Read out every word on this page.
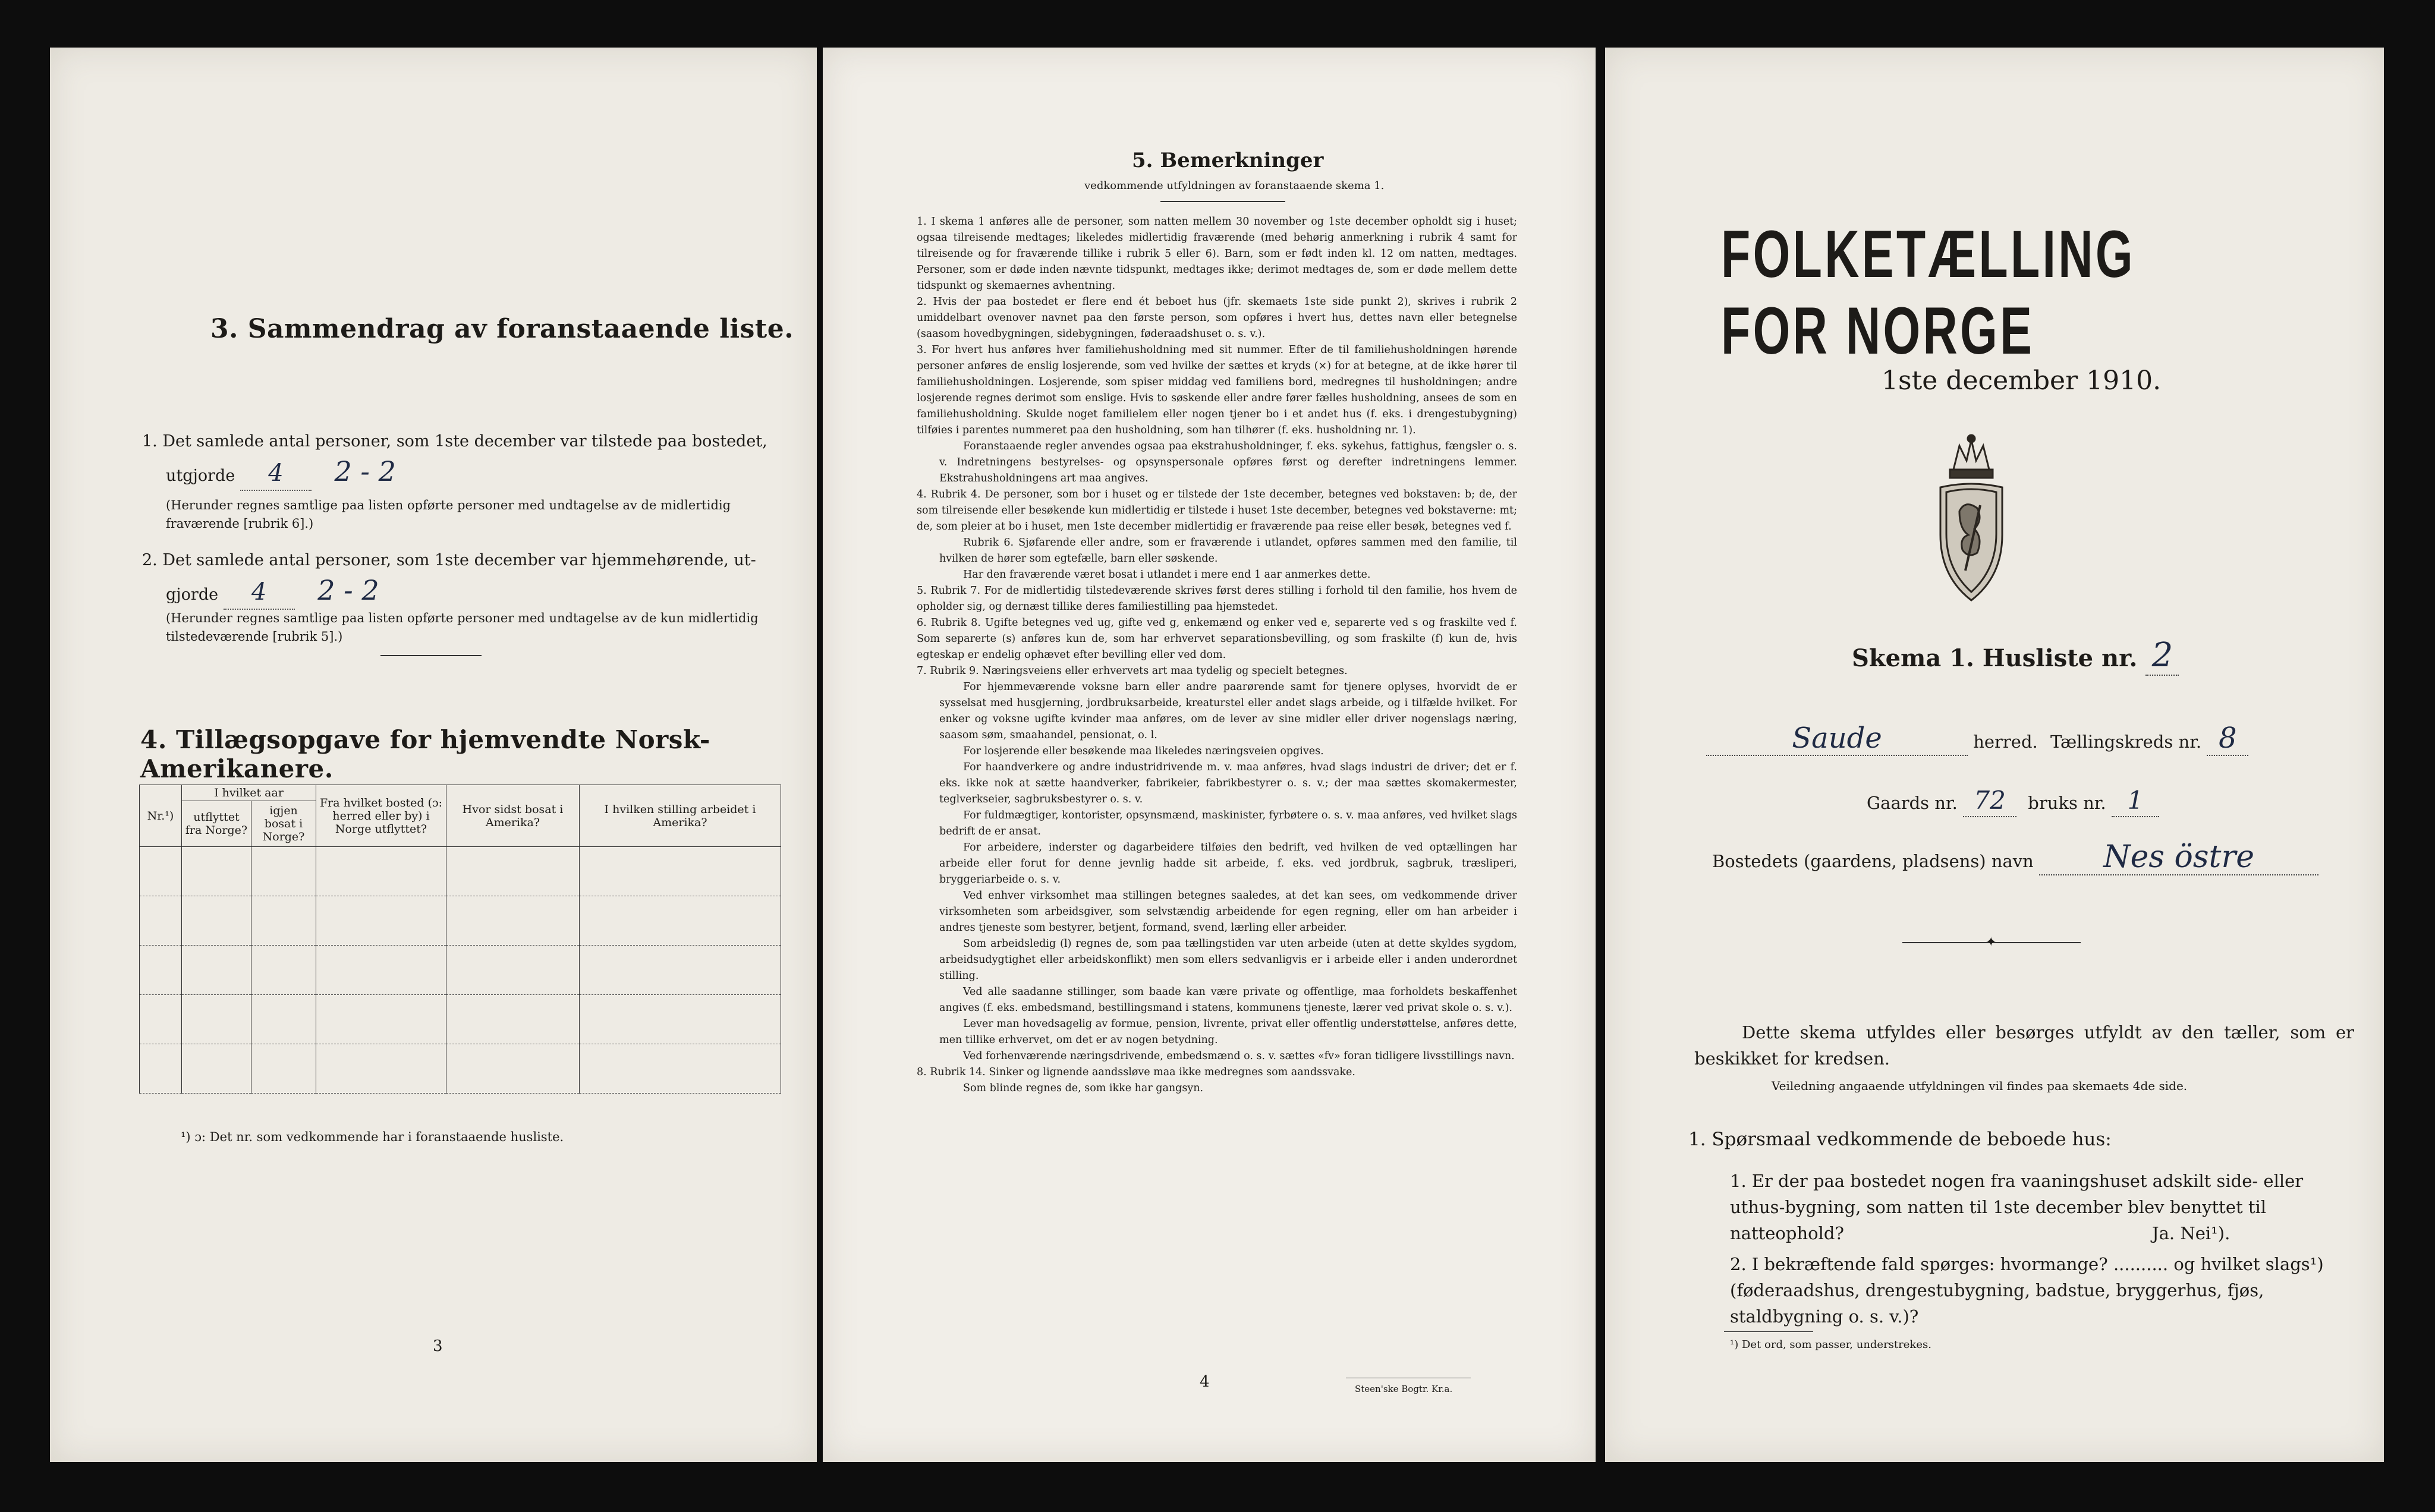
3. Sammendrag av foranstaaende liste.
1. Det samlede antal personer, som 1ste december var tilstede paa bostedet,
utgjorde 4 2 - 2
(Herunder regnes samtlige paa listen opførte personer med undtagelse av de midlertidig fraværende [rubrik 6].)
2. Det samlede antal personer, som 1ste december var hjemmehørende, ut-
gjorde 4 2 - 2
(Herunder regnes samtlige paa listen opførte personer med undtagelse av de kun midlertidig tilstedeværende [rubrik 5].)
4. Tillægsopgave for hjemvendte Norsk-Amerikanere.
Nr.¹)	I hvilket aar		Fra hvilket bosted (ɔ: herred eller by) i Norge utflyttet?	Hvor sidst bosat i Amerika?	I hvilken stilling arbeidet i Amerika?
	utflyttet fra Norge?	igjen bosat i Norge?			

¹) ɔ: Det nr. som vedkommende har i foranstaaende husliste.
3
5. Bemerkninger
vedkommende utfyldningen av foranstaaende skema 1.

1. I skema 1 anføres alle de personer, som natten mellem 30 november og 1ste december opholdt sig i huset; ogsaa tilreisende medtages; likeledes midlertidig fraværende (med behørig anmerkning i rubrik 4 samt for tilreisende og for fraværende tillike i rubrik 5 eller 6). Barn, som er født inden kl. 12 om natten, medtages. Personer, som er døde inden nævnte tidspunkt, medtages ikke; derimot medtages de, som er døde mellem dette tidspunkt og skemaernes avhentning.

2. Hvis der paa bostedet er flere end ét beboet hus (jfr. skemaets 1ste side punkt 2), skrives i rubrik 2 umiddelbart ovenover navnet paa den første person, som opføres i hvert hus, dettes navn eller betegnelse (saasom hovedbygningen, sidebygningen, føderaadshuset o. s. v.).

3. For hvert hus anføres hver familiehusholdning med sit nummer. Efter de til familiehusholdningen hørende personer anføres de enslig losjerende, som ved hvilke der sættes et kryds (×) for at betegne, at de ikke hører til familiehusholdningen. Losjerende, som spiser middag ved familiens bord, medregnes til husholdningen; andre losjerende regnes derimot som enslige. Hvis to søskende eller andre fører fælles husholdning, ansees de som en familiehusholdning. Skulde noget familielem eller nogen tjener bo i et andet hus (f. eks. i drengestubygning) tilføies i parentes nummeret paa den husholdning, som han tilhører (f. eks. husholdning nr. 1).

Foranstaaende regler anvendes ogsaa paa ekstrahusholdninger, f. eks. sykehus, fattighus, fængsler o. s. v. Indretningens bestyrelses- og opsynspersonale opføres først og derefter indretningens lemmer. Ekstrahusholdningens art maa angives.

4. Rubrik 4. De personer, som bor i huset og er tilstede der 1ste december, betegnes ved bokstaven: b; de, der som tilreisende eller besøkende kun midlertidig er tilstede i huset 1ste december, betegnes ved bokstaverne: mt; de, som pleier at bo i huset, men 1ste december midlertidig er fraværende paa reise eller besøk, betegnes ved f.

Rubrik 6. Sjøfarende eller andre, som er fraværende i utlandet, opføres sammen med den familie, til hvilken de hører som egtefælle, barn eller søskende.

Har den fraværende været bosat i utlandet i mere end 1 aar anmerkes dette.

5. Rubrik 7. For de midlertidig tilstedeværende skrives først deres stilling i forhold til den familie, hos hvem de opholder sig, og dernæst tillike deres familiestilling paa hjemstedet.

6. Rubrik 8. Ugifte betegnes ved ug, gifte ved g, enkemænd og enker ved e, separerte ved s og fraskilte ved f. Som separerte (s) anføres kun de, som har erhvervet separationsbevilling, og som fraskilte (f) kun de, hvis egteskap er endelig ophævet efter bevilling eller ved dom.

7. Rubrik 9. Næringsveiens eller erhvervets art maa tydelig og specielt betegnes.

For hjemmeværende voksne barn eller andre paarørende samt for tjenere oplyses, hvorvidt de er sysselsat med husgjerning, jordbruksarbeide, kreaturstel eller andet slags arbeide, og i tilfælde hvilket. For enker og voksne ugifte kvinder maa anføres, om de lever av sine midler eller driver nogenslags næring, saasom søm, smaahandel, pensionat, o. l.

For losjerende eller besøkende maa likeledes næringsveien opgives.

For haandverkere og andre industridrivende m. v. maa anføres, hvad slags industri de driver; det er f. eks. ikke nok at sætte haandverker, fabrikeier, fabrikbestyrer o. s. v.; der maa sættes skomakermester, teglverkseier, sagbruksbestyrer o. s. v.

For fuldmægtiger, kontorister, opsynsmænd, maskinister, fyrbøtere o. s. v. maa anføres, ved hvilket slags bedrift de er ansat.

For arbeidere, inderster og dagarbeidere tilføies den bedrift, ved hvilken de ved optællingen har arbeide eller forut for denne jevnlig hadde sit arbeide, f. eks. ved jordbruk, sagbruk, træsliperi, bryggeriarbeide o. s. v.

Ved enhver virksomhet maa stillingen betegnes saaledes, at det kan sees, om vedkommende driver virksomheten som arbeidsgiver, som selvstændig arbeidende for egen regning, eller om han arbeider i andres tjeneste som bestyrer, betjent, formand, svend, lærling eller arbeider.

Som arbeidsledig (l) regnes de, som paa tællingstiden var uten arbeide (uten at dette skyldes sygdom, arbeidsudygtighet eller arbeidskonflikt) men som ellers sedvanligvis er i arbeide eller i anden underordnet stilling.

Ved alle saadanne stillinger, som baade kan være private og offentlige, maa forholdets beskaffenhet angives (f. eks. embedsmand, bestillingsmand i statens, kommunens tjeneste, lærer ved privat skole o. s. v.).

Lever man hovedsagelig av formue, pension, livrente, privat eller offentlig understøttelse, anføres dette, men tillike erhvervet, om det er av nogen betydning.

Ved forhenværende næringsdrivende, embedsmænd o. s. v. sættes «fv» foran tidligere livsstillings navn.

8. Rubrik 14. Sinker og lignende aandssløve maa ikke medregnes som aandssvake.

Som blinde regnes de, som ikke har gangsyn.

4	Steen'ske Bogtr. Kr.a.
FOLKETÆLLING FOR NORGE
1ste december 1910.
Skema 1. Husliste nr. 2
Saude	herred. Tællingskreds nr. 8
Gaards nr. 72 bruks nr. 1
Bostedets (gaardens, pladsens) navn Nes östre
✦
Dette skema utfyldes eller besørges utfyldt av den tæller, som er beskikket for kredsen.
Veiledning angaaende utfyldningen vil findes paa skemaets 4de side.
1. Spørsmaal vedkommende de beboede hus:
1. Er der paa bostedet nogen fra vaaningshuset adskilt side- eller uthus-bygning, som natten til 1ste december blev benyttet til natteophold?	Ja. Nei¹).
2. I bekræftende fald spørges: hvormange? .......... og hvilket slags¹) (føderaadshus, drengestubygning, badstue, bryggerhus, fjøs, staldbygning o. s. v.)?
¹) Det ord, som passer, understrekes.
